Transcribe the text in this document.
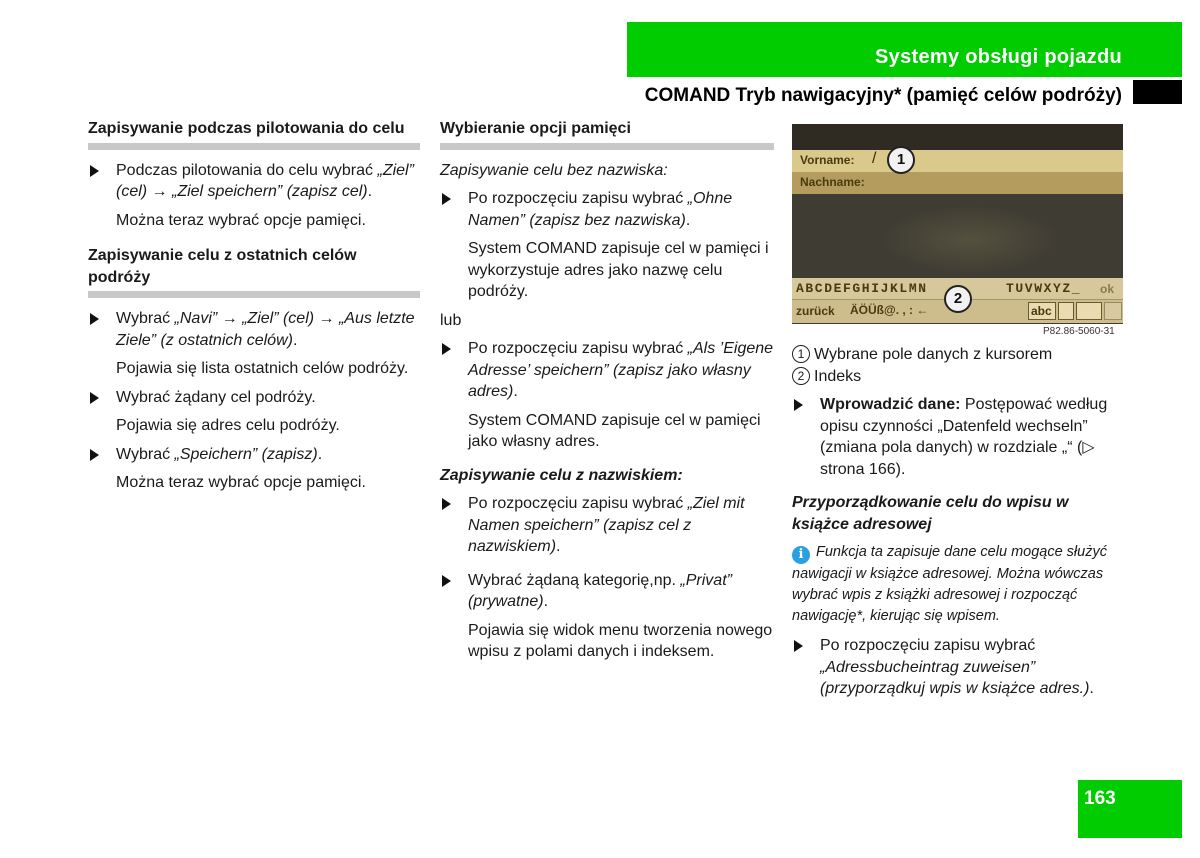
Systemy obsługi pojazdu
COMAND Tryb nawigacyjny* (pamięć celów podróży)

Zapisywanie podczas pilotowania do celu

Podczas pilotowania do celu wybrać „Ziel” (cel) → „Ziel speichern” (zapisz cel).

Można teraz wybrać opcje pamięci.

Zapisywanie celu z ostatnich celów podróży

Wybrać „Navi” → „Ziel” (cel) → „Aus letzte Ziele” (z ostatnich celów).

Pojawia się lista ostatnich celów podróży.

Wybrać żądany cel podróży.

Pojawia się adres celu podróży.

Wybrać „Speichern” (zapisz).

Można teraz wybrać opcje pamięci.

Wybieranie opcji pamięci

Zapisywanie celu bez nazwiska:

Po rozpoczęciu zapisu wybrać „Ohne Namen” (zapisz bez nazwiska).

System COMAND zapisuje cel w pamięci i wykorzystuje adres jako nazwę celu podróży.

lub

Po rozpoczęciu zapisu wybrać „Als ’Eigene Adresse’ speichern” (zapisz jako własny adres).

System COMAND zapisuje cel w pamięci jako własny adres.

Zapisywanie celu z nazwiskiem:

Po rozpoczęciu zapisu wybrać „Ziel mit Namen speichern” (zapisz cel z nazwiskiem).
Wybrać żądaną kategorię,np. „Privat” (prywatne).

Pojawia się widok menu tworzenia nowego wpisu z polami danych i indeksem.

Vorname: /
Nachname:
ABCDEFGHIJKLMN	TUVWXYZ_ ok
zurück ÄÖÜß@. , : ←	abc
1
2
P82.86-5060-31

1 Wybrane pole danych z kursorem

2 Indeks

Wprowadzić dane: Postępować według opisu czynności „Datenfeld wechseln” (zmiana pola danych) w rozdziale „“ (▷ strona 166).

Przyporządkowanie celu do wpisu w książce adresowej

i Funkcja ta zapisuje dane celu mogące służyć nawigacji w książce adresowej. Można wówczas wybrać wpis z książki adresowej i rozpocząć nawigację*, kierując się wpisem.

Po rozpoczęciu zapisu wybrać „Adressbucheintrag zuweisen” (przyporządkuj wpis w książce adres.).
163
